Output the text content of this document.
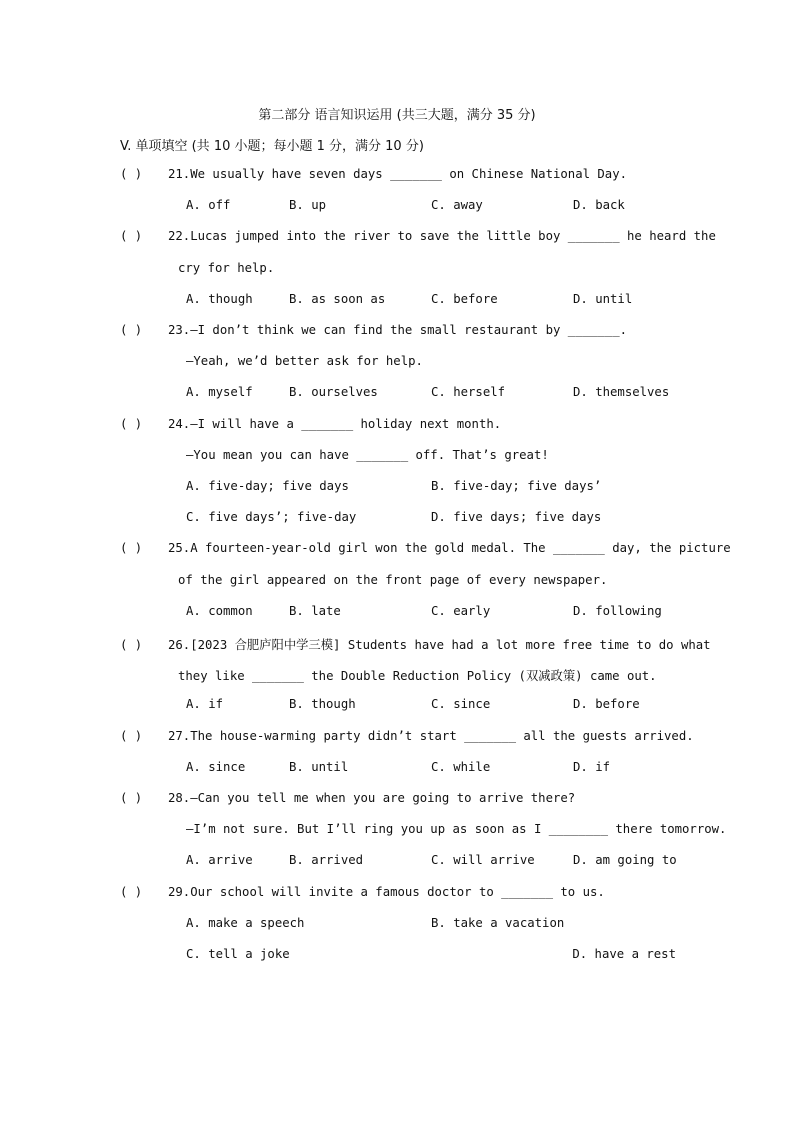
第二部分 语言知识运用 (共三大题，满分 35 分)
V. 单项填空 (共 10 小题；每小题 1 分，满分 10 分)
( ) 21.We usually have seven days _______ on Chinese National Day.
A. off	B. up	C. away	D. back
( ) 22.Lucas jumped into the river to save the little boy _______ he heard the
cry for help.
A. though	B. as soon as	C. before	D. until
( ) 23.—I don’t think we can find the small restaurant by _______.
—Yeah, we’d better ask for help.
A. myself	B. ourselves	C. herself	D. themselves
( ) 24.—I will have a _______ holiday next month.
—You mean you can have _______ off. That’s great!
A. five-day; five days	B. five-day; five days’
C. five days’; five-day	D. five days; five days
( ) 25.A fourteen-year-old girl won the gold medal. The _______ day, the picture
of the girl appeared on the front page of every newspaper.
A. common	B. late	C. early	D. following
( ) 26.[2023 合肥庐阳中学三模] Students have had a lot more free time to do what
they like _______ the Double Reduction Policy (双减政策) came out.
A. if	B. though	C. since	D. before
( ) 27.The house-warming party didn’t start _______ all the guests arrived.
A. since	B. until	C. while	D. if
( ) 28.—Can you tell me when you are going to arrive there?
—I’m not sure. But I’ll ring you up as soon as I ________ there tomorrow.
A. arrive	B. arrived	C. will arrive	D. am going to
( ) 29.Our school will invite a famous doctor to _______ to us.
A. make a speech	B. take a vacation
C. tell a joke	D. have a rest
